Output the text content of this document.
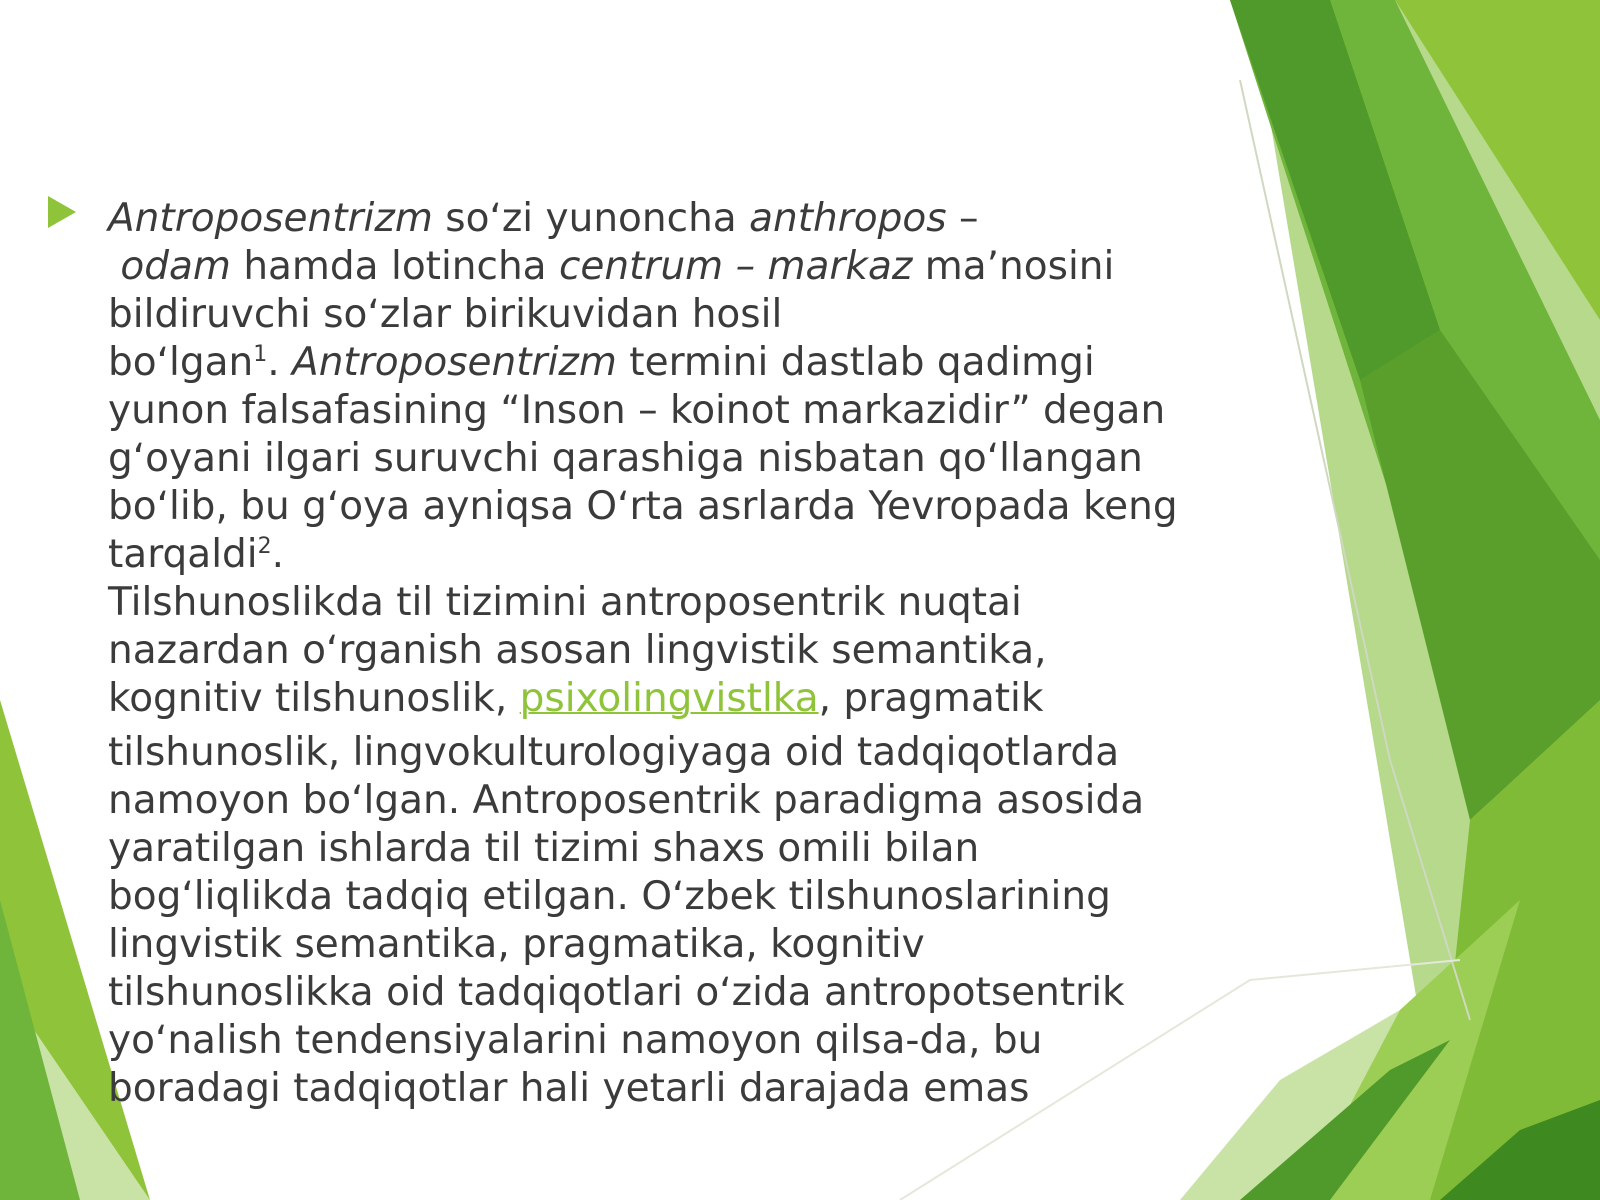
Antroposentrizm so‘zi yunoncha anthropos –
odam hamda lotincha centrum – markaz ma’nosini
bildiruvchi so‘zlar birikuvidan hosil
bo‘lgan$^1$. Antroposentrizm termini dastlab qadimgi
yunon falsafasining “Inson – koinot markazidir” degan
g‘oyani ilgari suruvchi qarashiga nisbatan qo‘llangan
bo‘lib, bu g‘oya ayniqsa O‘rta asrlarda Yevropada keng
tarqaldi$^2$.
Tilshunoslikda til tizimini antroposentrik nuqtai
nazardan o‘rganish asosan lingvistik semantika,
kognitiv tilshunoslik, psixolingvistlka, pragmatik
tilshunoslik, lingvokulturologiyaga oid tadqiqotlarda
namoyon bo‘lgan. Antroposentrik paradigma asosida
yaratilgan ishlarda til tizimi shaxs omili bilan
bog‘liqlikda tadqiq etilgan. O‘zbek tilshunoslarining
lingvistik semantika, pragmatika, kognitiv
tilshunoslikka oid tadqiqotlari o‘zida antropotsentrik
yo‘nalish tendensiyalarini namoyon qilsa-da, bu
boradagi tadqiqotlar hali yetarli darajada emas
